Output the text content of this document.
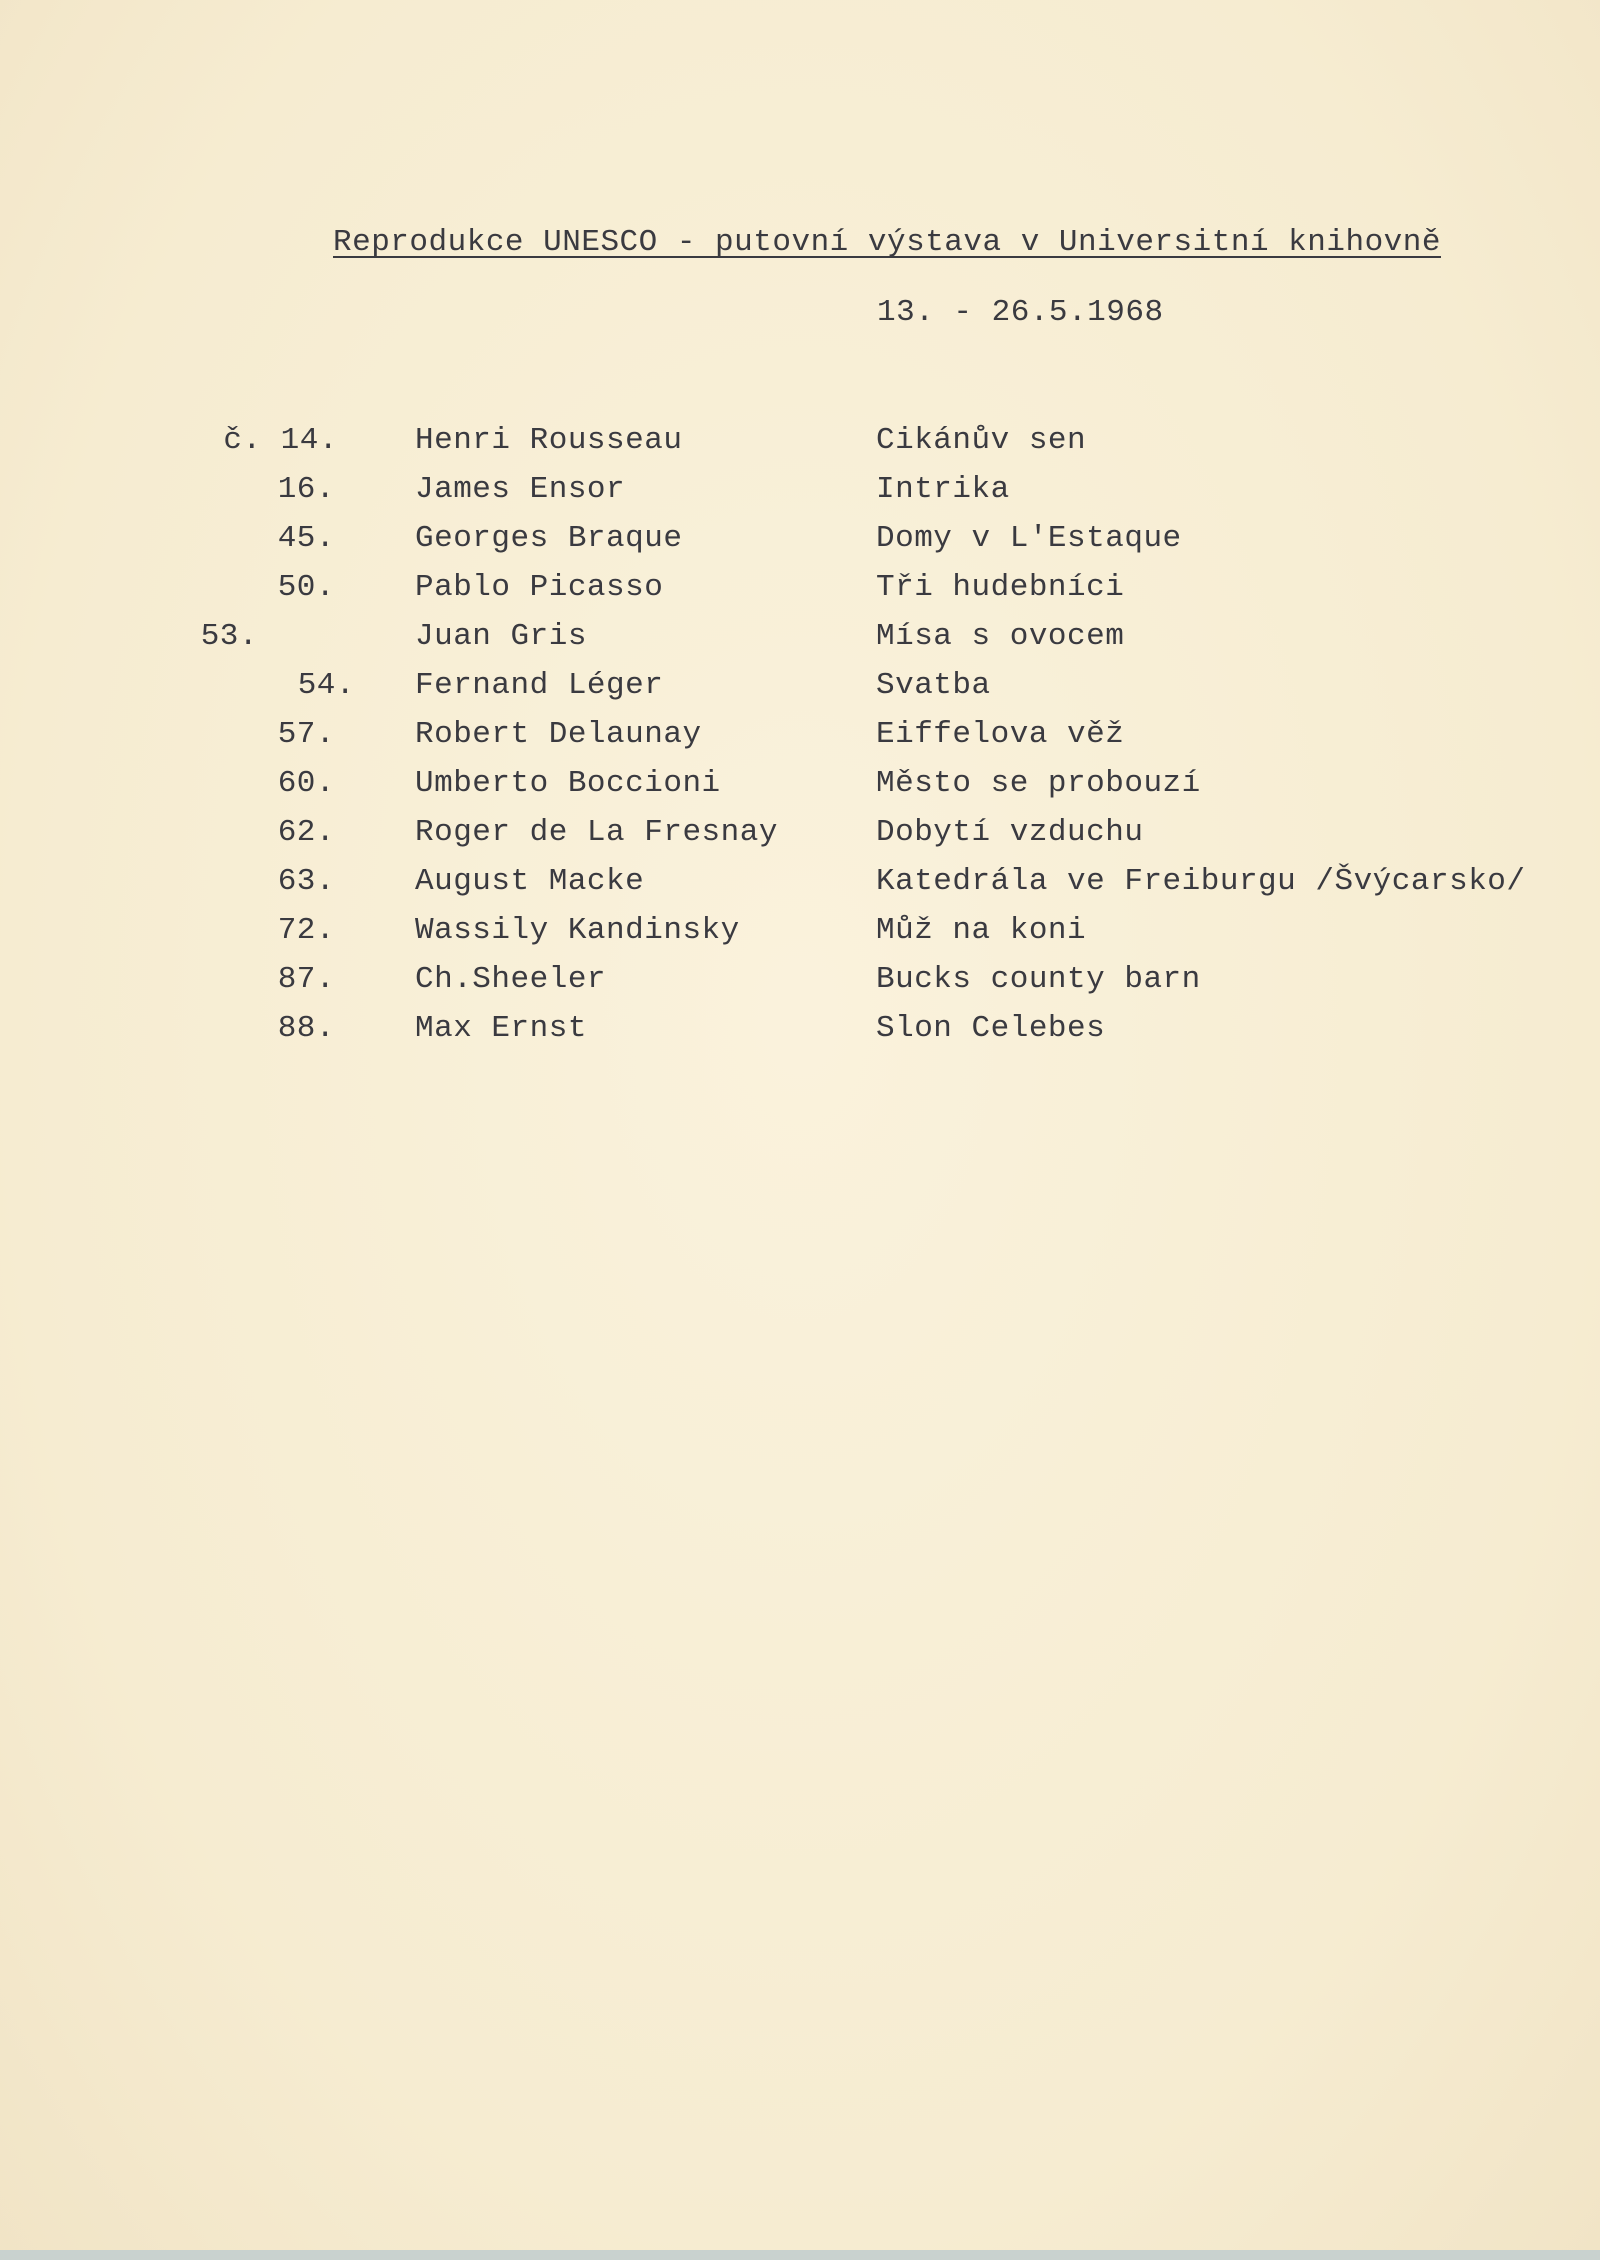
Reprodukce UNESCO - putovní výstava v Universitní knihovně
13. - 26.5.1968
č. 14. Henri Rousseau	Cikánův sen
16.	James Ensor	Intrika
45.	Georges Braque	Domy v L'Estaque
50.	Pablo Picasso	Tři hudebníci
53.	Juan Gris	Mísa s ovocem
54. Fernand Léger	Svatba
57.	Robert Delaunay	Eiffelova věž
60.	Umberto Boccioni	Město se probouzí
62.	Roger de La Fresnay	Dobytí vzduchu
63.	August Macke	Katedrála ve Freiburgu /Švýcarsko/
72.	Wassily Kandinsky	Můž na koni
87.	Ch.Sheeler	Bucks county barn
88.	Max Ernst	Slon Celebes
